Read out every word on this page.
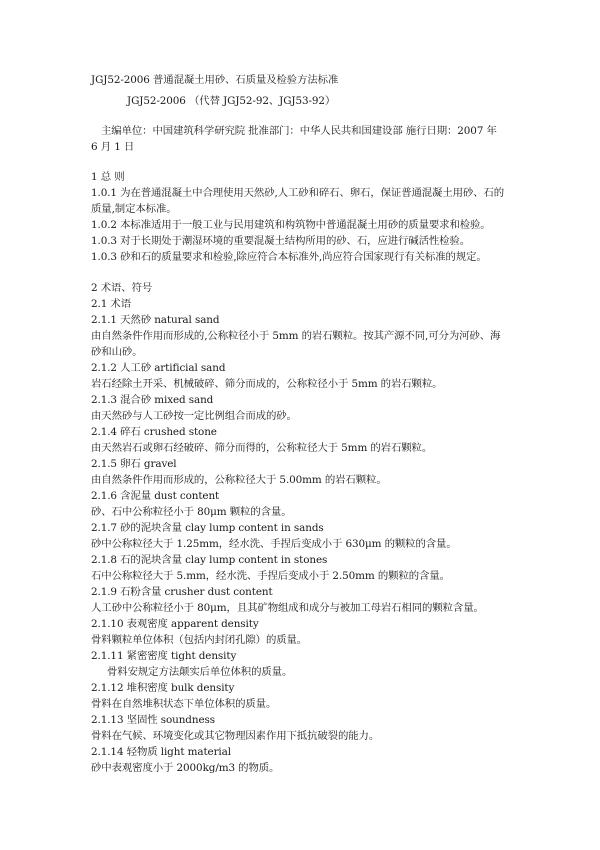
JGJ52-2006 普通混凝土用砂、石质量及检验方法标准
JGJ52-2006 （代替 JGJ52-92、JGJ53-92）
主编单位：中国建筑科学研究院 批准部门：中华人民共和国建设部 施行日期：2007 年
6 月 1 日
1 总 则
1.0.1 为在普通混凝土中合理使用天然砂,人工砂和碎石、卵石，保证普通混凝土用砂、石的
质量,制定本标准。
1.0.2 本标准适用于一般工业与民用建筑和构筑物中普通混凝土用砂的质量要求和检验。
1.0.3 对于长期处于潮湿环境的重要混凝土结构所用的砂、石，应进行碱活性检验。
1.0.3 砂和石的质量要求和检验,除应符合本标准外,尚应符合国家现行有关标准的规定。
2 术语、符号
2.1 术语
2.1.1 天然砂 natural sand
由自然条件作用而形成的,公称粒径小于 5mm 的岩石颗粒。按其产源不同,可分为河砂、海
砂和山砂。
2.1.2 人工砂 artificial sand
岩石经除土开采、机械破碎、筛分而成的，公称粒径小于 5mm 的岩石颗粒。
2.1.3 混合砂 mixed sand
由天然砂与人工砂按一定比例组合而成的砂。
2.1.4 碎石 crushed stone
由天然岩石或卵石经破碎、筛分而得的，公称粒径大于 5mm 的岩石颗粒。
2.1.5 卵石 gravel
由自然条件作用而形成的，公称粒径大于 5.00mm 的岩石颗粒。
2.1.6 含泥量 dust content
砂、石中公称粒径小于 80μm 颗粒的含量。
2.1.7 砂的泥块含量 clay lump content in sands
砂中公称粒径大于 1.25mm，经水洗、手捏后变成小于 630μm 的颗粒的含量。
2.1.8 石的泥块含量 clay lump content in stones
石中公称粒径大于 5.mm，经水洗、手捏后变成小于 2.50mm 的颗粒的含量。
2.1.9 石粉含量 crusher dust content
人工砂中公称粒径小于 80μm，且其矿物组成和成分与被加工母岩石相同的颗粒含量。
2.1.10 表观密度 apparent density
骨料颗粒单位体积（包括内封闭孔隙）的质量。
2.1.11 紧密密度 tight density
骨料安规定方法颠实后单位体积的质量。
2.1.12 堆积密度 bulk density
骨料在自然堆积状态下单位体积的质量。
2.1.13 坚固性 soundness
骨料在气候、环境变化或其它物理因素作用下抵抗破裂的能力。
2.1.14 轻物质 light material
砂中表观密度小于 2000kg/m3 的物质。
